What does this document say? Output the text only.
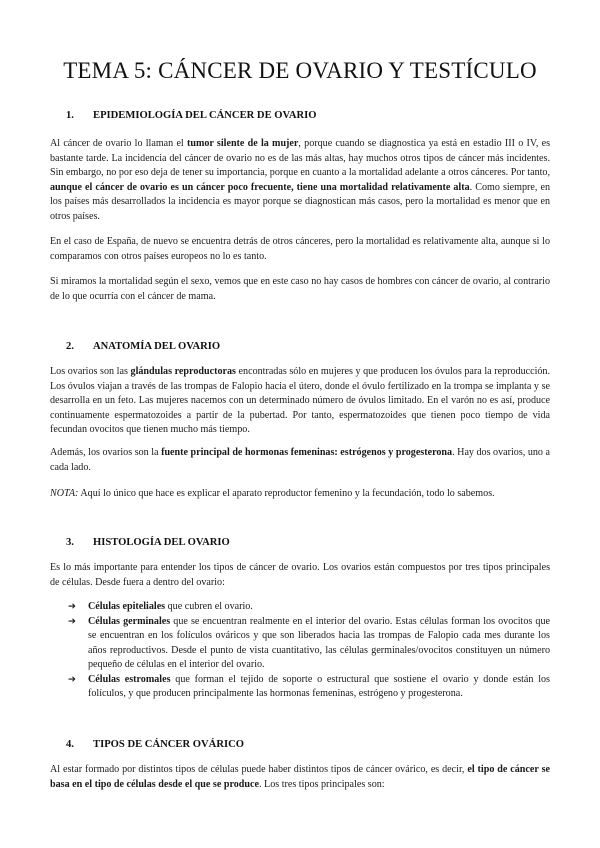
TEMA 5: CÁNCER DE OVARIO Y TESTÍCULO
1. EPIDEMIOLOGÍA DEL CÁNCER DE OVARIO

Al cáncer de ovario lo llaman el tumor silente de la mujer, porque cuando se diagnostica ya está en estadio III o IV, es bastante tarde. La incidencia del cáncer de ovario no es de las más altas, hay muchos otros tipos de cáncer más incidentes. Sin embargo, no por eso deja de tener su importancia, porque en cuanto a la mortalidad adelante a otros cánceres. Por tanto, aunque el cáncer de ovario es un cáncer poco frecuente, tiene una mortalidad relativamente alta. Como siempre, en los países más desarrollados la incidencia es mayor porque se diagnostican más casos, pero la mortalidad es menor que en otros países.

En el caso de España, de nuevo se encuentra detrás de otros cánceres, pero la mortalidad es relativamente alta, aunque si lo comparamos con otros países europeos no lo es tanto.

Si miramos la mortalidad según el sexo, vemos que en este caso no hay casos de hombres con cáncer de ovario, al contrario de lo que ocurría con el cáncer de mama.

2. ANATOMÍA DEL OVARIO

Los ovarios son las glándulas reproductoras encontradas sólo en mujeres y que producen los óvulos para la reproducción. Los óvulos viajan a través de las trompas de Falopio hacia el útero, donde el óvulo fertilizado en la trompa se implanta y se desarrolla en un feto. Las mujeres nacemos con un determinado número de óvulos limitado. En el varón no es así, produce continuamente espermatozoides a partir de la pubertad. Por tanto, espermatozoides que tienen poco tiempo de vida fecundan ovocitos que tienen mucho más tiempo.

Además, los ovarios son la fuente principal de hormonas femeninas: estrógenos y progesterona. Hay dos ovarios, uno a cada lado.

NOTA: Aquí lo único que hace es explicar el aparato reproductor femenino y la fecundación, todo lo sabemos.

3. HISTOLOGÍA DEL OVARIO

Es lo más importante para entender los tipos de cáncer de ovario. Los ovarios están compuestos por tres tipos principales de células. Desde fuera a dentro del ovario:

➔ Células epiteliales que cubren el ovario.
➔ Células germinales que se encuentran realmente en el interior del ovario. Estas células forman los ovocitos que se encuentran en los folículos ováricos y que son liberados hacia las trompas de Falopio cada mes durante los años reproductivos. Desde el punto de vista cuantitativo, las células germinales/ovocitos constituyen un número pequeño de células en el interior del ovario.
➔ Células estromales que forman el tejido de soporte o estructural que sostiene el ovario y donde están los folículos, y que producen principalmente las hormonas femeninas, estrógeno y progesterona.
4. TIPOS DE CÁNCER OVÁRICO

Al estar formado por distintos tipos de células puede haber distintos tipos de cáncer ovárico, es decir, el tipo de cáncer se basa en el tipo de células desde el que se produce. Los tres tipos principales son:
